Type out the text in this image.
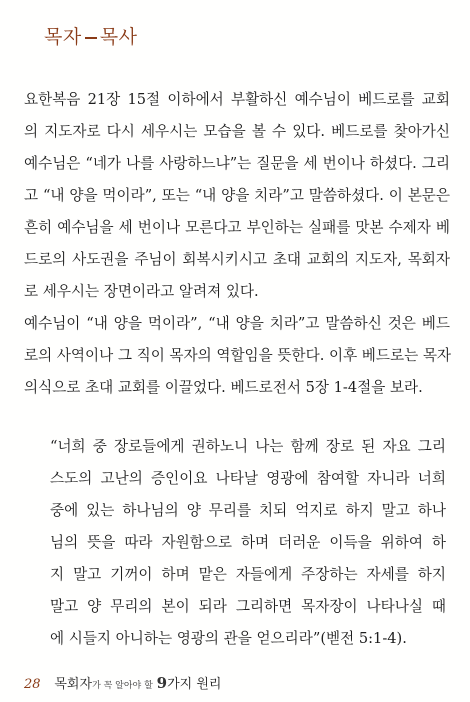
목자 목사
요한복음 21장 15절 이하에서 부활하신 예수님이 베드로를 교회
의 지도자로 다시 세우시는 모습을 볼 수 있다. 베드로를 찾아가신
예수님은 “네가 나를 사랑하느냐”는 질문을 세 번이나 하셨다. 그리
고 “내 양을 먹이라”, 또는 “내 양을 치라”고 말씀하셨다. 이 본문은
흔히 예수님을 세 번이나 모른다고 부인하는 실패를 맛본 수제자 베
드로의 사도권을 주님이 회복시키시고 초대 교회의 지도자, 목회자
로 세우시는 장면이라고 알려져 있다.
예수님이 “내 양을 먹이라”, “내 양을 치라”고 말씀하신 것은 베드
로의 사역이나 그 직이 목자의 역할임을 뜻한다. 이후 베드로는 목자
의식으로 초대 교회를 이끌었다. 베드로전서 5장 1-4절을 보라.
“너희 중 장로들에게 권하노니 나는 함께 장로 된 자요 그리
스도의 고난의 증인이요 나타날 영광에 참여할 자니라 너희
중에 있는 하나님의 양 무리를 치되 억지로 하지 말고 하나
님의 뜻을 따라 자원함으로 하며 더러운 이득을 위하여 하
지 말고 기꺼이 하며 맡은 자들에게 주장하는 자세를 하지
말고 양 무리의 본이 되라 그리하면 목자장이 나타나실 때
에 시들지 아니하는 영광의 관을 얻으리라”(벧전 5:1-4).
28 목회자가 꼭 알아야 할 9가지 원리
